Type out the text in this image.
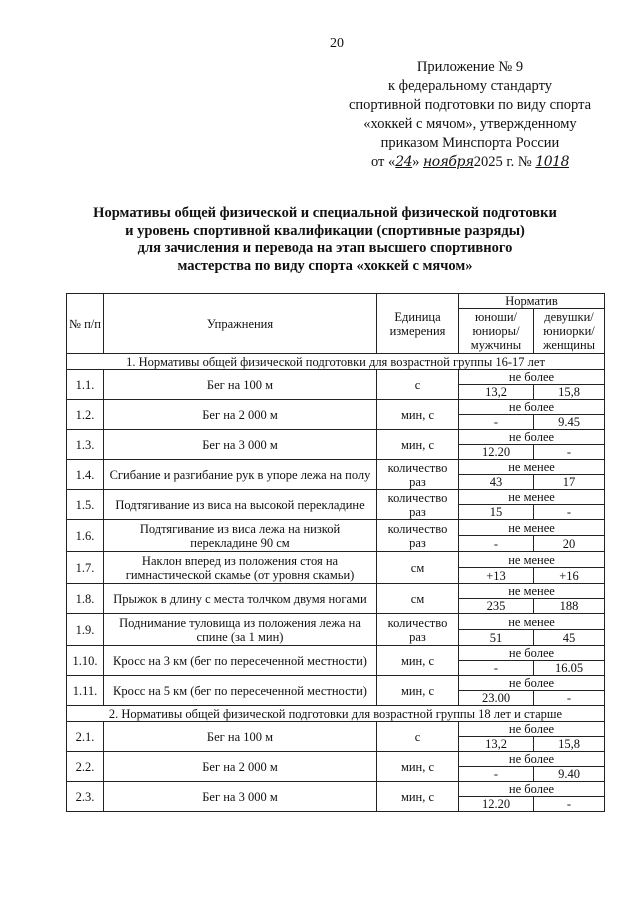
20
Приложение № 9
к федеральному стандарту
спортивной подготовки по виду спорта
«хоккей с мячом», утвержденному
приказом Минспорта России
от «24» ноября2025 г. № 1018
Нормативы общей физической и специальной физической подготовки
и уровень спортивной квалификации (спортивные разряды)
для зачисления и перевода на этап высшего спортивного
мастерства по виду спорта «хоккей с мячом»
№ п/п	Упражнения	Единица измерения	Норматив	
			юноши/ юниоры/ мужчины	девушки/ юниорки/ женщины
1. Нормативы общей физической подготовки для возрастной группы 16-17 лет				
1.1.	Бег на 100 м	с	не более	
			13,2	15,8
1.2.	Бег на 2 000 м	мин, с	не более	
			-	9.45
1.3.	Бег на 3 000 м	мин, с	не более	
			12.20	-
1.4.	Сгибание и разгибание рук в упоре лежа на полу	количество раз	не менее	
			43	17
1.5.	Подтягивание из виса на высокой перекладине	количество раз	не менее	
			15	-
1.6.	Подтягивание из виса лежа на низкой перекладине 90 см	количество раз	не менее	
			-	20
1.7.	Наклон вперед из положения стоя на гимнастической скамье (от уровня скамьи)	см	не менее	
			+13	+16
1.8.	Прыжок в длину с места толчком двумя ногами	см	не менее	
			235	188
1.9.	Поднимание туловища из положения лежа на спине (за 1 мин)	количество раз	не менее	
			51	45
1.10.	Кросс на 3 км (бег по пересеченной местности)	мин, с	не более	
			-	16.05
1.11.	Кросс на 5 км (бег по пересеченной местности)	мин, с	не более	
			23.00	-
2. Нормативы общей физической подготовки для возрастной группы 18 лет и старше				
2.1.	Бег на 100 м	с	не более	
			13,2	15,8
2.2.	Бег на 2 000 м	мин, с	не более	
			-	9.40
2.3.	Бег на 3 000 м	мин, с	не более	
			12.20	-
